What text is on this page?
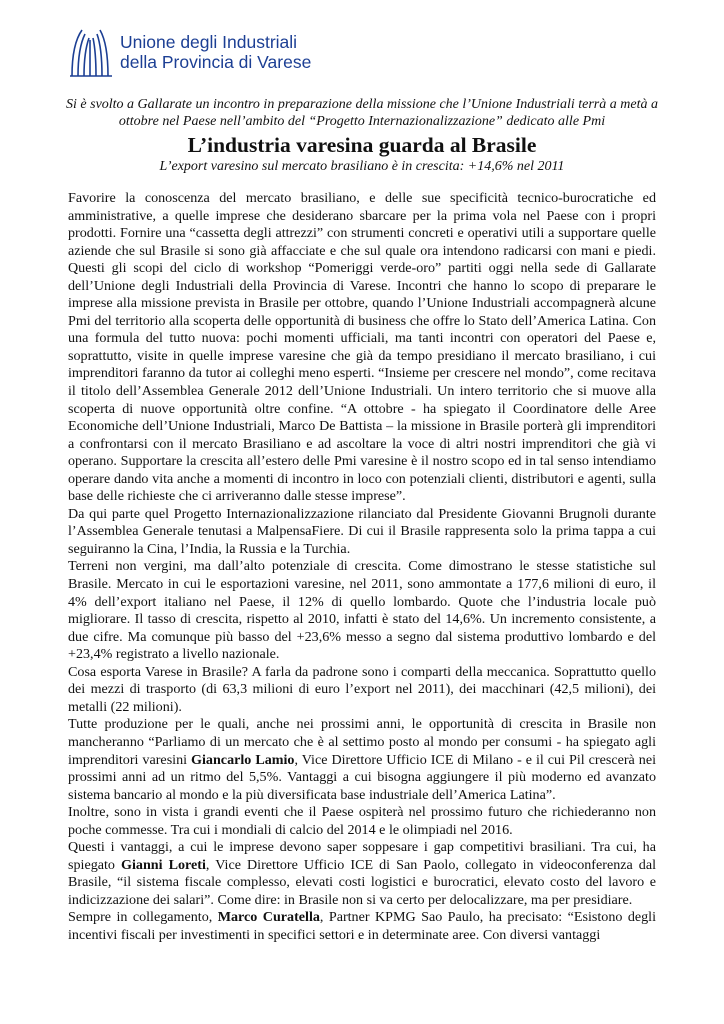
Unione degli Industriali
della Provincia di Varese
Si è svolto a Gallarate un incontro in preparazione della missione che l’Unione Industriali terrà a metà a ottobre nel Paese nell’ambito del “Progetto Internazionalizzazione” dedicato alle Pmi
L’industria varesina guarda al Brasile
L’export varesino sul mercato brasiliano è in crescita: +14,6% nel 2011

Favorire la conoscenza del mercato brasiliano, e delle sue specificità tecnico-burocratiche ed amministrative, a quelle imprese che desiderano sbarcare per la prima vola nel Paese con i propri prodotti. Fornire una “cassetta degli attrezzi” con strumenti concreti e operativi utili a supportare quelle aziende che sul Brasile si sono già affacciate e che sul quale ora intendono radicarsi con mani e piedi. Questi gli scopi del ciclo di workshop “Pomeriggi verde-oro” partiti oggi nella sede di Gallarate dell’Unione degli Industriali della Provincia di Varese. Incontri che hanno lo scopo di preparare le imprese alla missione prevista in Brasile per ottobre, quando l’Unione Industriali accompagnerà alcune Pmi del territorio alla scoperta delle opportunità di business che offre lo Stato dell’America Latina. Con una formula del tutto nuova: pochi momenti ufficiali, ma tanti incontri con operatori del Paese e, soprattutto, visite in quelle imprese varesine che già da tempo presidiano il mercato brasiliano, i cui imprenditori faranno da tutor ai colleghi meno esperti. “Insieme per crescere nel mondo”, come recitava il titolo dell’Assemblea Generale 2012 dell’Unione Industriali. Un intero territorio che si muove alla scoperta di nuove opportunità oltre confine. “A ottobre - ha spiegato il Coordinatore delle Aree Economiche dell’Unione Industriali, Marco De Battista – la missione in Brasile porterà gli imprenditori a confrontarsi con il mercato Brasiliano e ad ascoltare la voce di altri nostri imprenditori che già vi operano. Supportare la crescita all’estero delle Pmi varesine è il nostro scopo ed in tal senso intendiamo operare dando vita anche a momenti di incontro in loco con potenziali clienti, distributori e agenti, sulla base delle richieste che ci arriveranno dalle stesse imprese”.

Da qui parte quel Progetto Internazionalizzazione rilanciato dal Presidente Giovanni Brugnoli durante l’Assemblea Generale tenutasi a MalpensaFiere. Di cui il Brasile rappresenta solo la prima tappa a cui seguiranno la Cina, l’India, la Russia e la Turchia.

Terreni non vergini, ma dall’alto potenziale di crescita. Come dimostrano le stesse statistiche sul Brasile. Mercato in cui le esportazioni varesine, nel 2011, sono ammontate a 177,6 milioni di euro, il 4% dell’export italiano nel Paese, il 12% di quello lombardo. Quote che l’industria locale può migliorare. Il tasso di crescita, rispetto al 2010, infatti è stato del 14,6%. Un incremento consistente, a due cifre. Ma comunque più basso del +23,6% messo a segno dal sistema produttivo lombardo e del +23,4% registrato a livello nazionale.

Cosa esporta Varese in Brasile? A farla da padrone sono i comparti della meccanica. Soprattutto quello dei mezzi di trasporto (di 63,3 milioni di euro l’export nel 2011), dei macchinari (42,5 milioni), dei metalli (22 milioni).

Tutte produzione per le quali, anche nei prossimi anni, le opportunità di crescita in Brasile non mancheranno “Parliamo di un mercato che è al settimo posto al mondo per consumi - ha spiegato agli imprenditori varesini Giancarlo Lamio, Vice Direttore Ufficio ICE di Milano - e il cui Pil crescerà nei prossimi anni ad un ritmo del 5,5%. Vantaggi a cui bisogna aggiungere il più moderno ed avanzato sistema bancario al mondo e la più diversificata base industriale dell’America Latina”.

Inoltre, sono in vista i grandi eventi che il Paese ospiterà nel prossimo futuro che richiederanno non poche commesse. Tra cui i mondiali di calcio del 2014 e le olimpiadi nel 2016.

Questi i vantaggi, a cui le imprese devono saper soppesare i gap competitivi brasiliani. Tra cui, ha spiegato Gianni Loreti, Vice Direttore Ufficio ICE di San Paolo, collegato in videoconferenza dal Brasile, “il sistema fiscale complesso, elevati costi logistici e burocratici, elevato costo del lavoro e indicizzazione dei salari”. Come dire: in Brasile non si va certo per delocalizzare, ma per presidiare.

Sempre in collegamento, Marco Curatella, Partner KPMG Sao Paulo, ha precisato: “Esistono degli incentivi fiscali per investimenti in specifici settori e in determinate aree. Con diversi vantaggi
